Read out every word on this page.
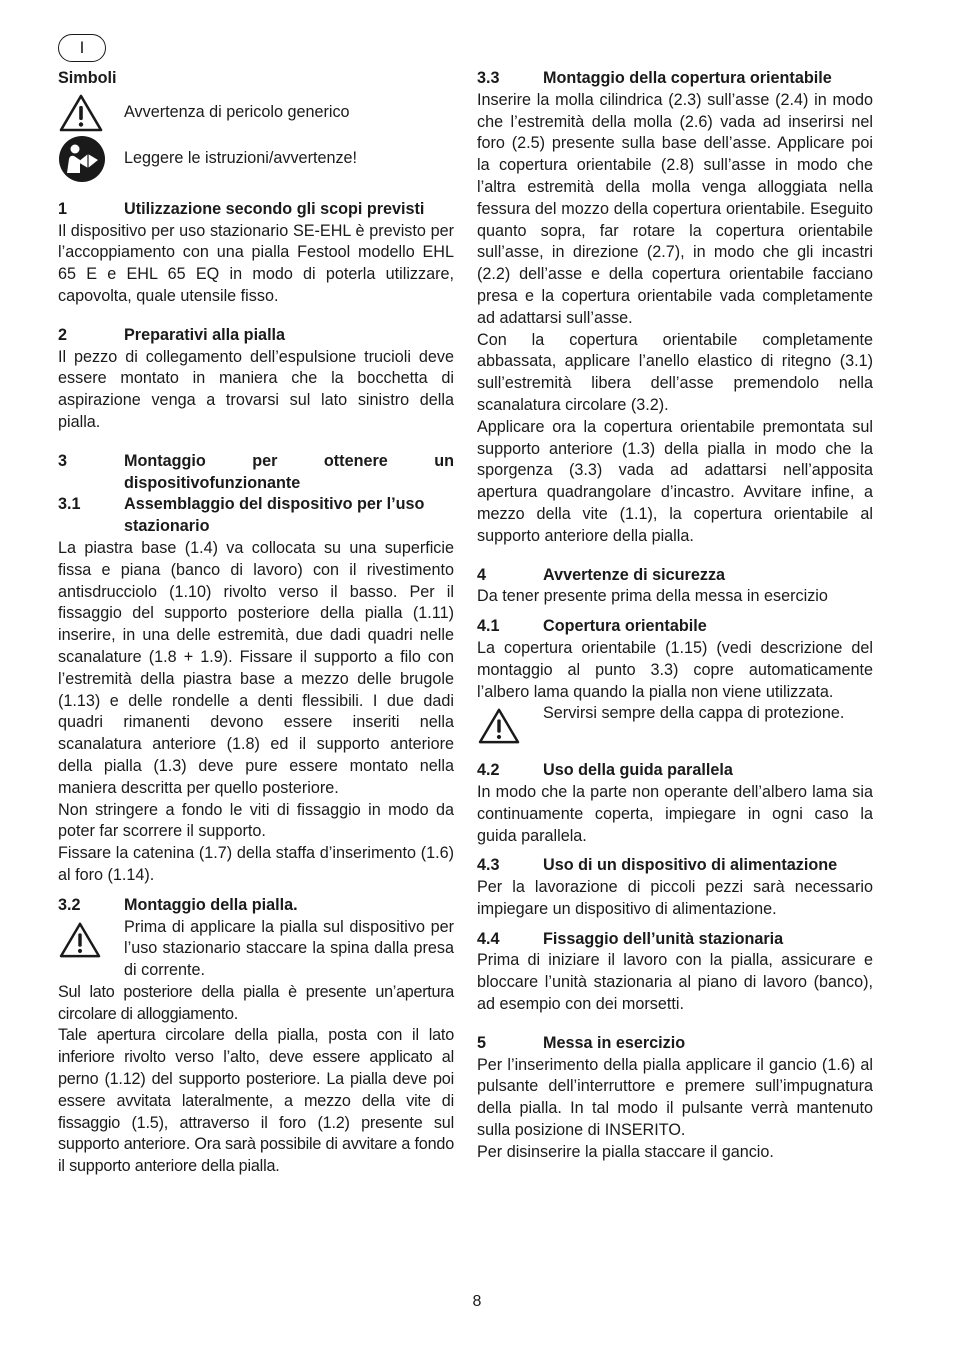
I
Simboli
Avvertenza di pericolo generico
Leggere le istruzioni/avvertenze!
1	Utilizzazione secondo gli scopi previsti

Il dispositivo per uso stazionario SE-EHL è previsto per l’accoppiamento con una pialla Festool modello EHL 65 E e EHL 65 EQ in modo di poterla utilizzare, capovolta, quale utensile fisso.

2	Preparativi alla pialla

Il pezzo di collegamento dell’espulsione trucioli deve essere montato in maniera che la bocchetta di aspirazione venga a trovarsi sul lato sinistro della pialla.

3	Montaggio per ottenere un dispositivofunzionante
3.1	Assemblaggio del dispositivo per l’uso stazionario

La piastra base (1.4) va collocata su una superficie fissa e piana (banco di lavoro) con il rivestimento antisdrucciolo (1.10) rivolto verso il basso. Per il fissaggio del supporto posteriore della pialla (1.11) inserire, in una delle estremità, due dadi quadri nelle scanalature (1.8 + 1.9). Fissare il supporto a filo con l’estremità della piastra base a mezzo delle brugole (1.13) e delle rondelle a denti flessibili. I due dadi quadri rimanenti devono essere inseriti nella scanalatura anteriore (1.8) ed il supporto anteriore della pialla (1.3) deve pure essere montato nella maniera descritta per quello posteriore.

Non stringere a fondo le viti di fissaggio in modo da poter far scorrere il supporto.

Fissare la catenina (1.7) della staffa d’inserimento (1.6) al foro (1.14).

3.2	Montaggio della pialla.

Prima di applicare la pialla sul dispositivo per l’uso stazionario staccare la spina dalla presa di corrente.

Sul lato posteriore della pialla è presente un’apertura circolare di alloggiamento.

Tale apertura circolare della pialla, posta con il lato inferiore rivolto verso l’alto, deve essere applicato al perno (1.12) del supporto posteriore. La pialla deve poi essere avvitata lateralmente, a mezzo della vite di fissaggio (1.5), attraverso il foro (1.2) presente sul supporto anteriore. Ora sarà possibile di avvitare a fondo il supporto anteriore della pialla.

3.3	Montaggio della copertura orientabile

Inserire la molla cilindrica (2.3) sull’asse (2.4) in modo che l’estremità della molla (2.6) vada ad inserirsi nel foro (2.5) presente sulla base dell’asse. Applicare poi la copertura orientabile (2.8) sull’asse in modo che l’altra estremità della molla venga alloggiata nella fessura del mozzo della copertura orientabile. Eseguito quanto sopra, far rotare la copertura orientabile sull’asse, in direzione (2.7), in modo che gli incastri (2.2) dell’asse e della copertura orientabile facciano presa e la copertura orientabile vada completamente ad adattarsi sull’asse.

Con la copertura orientabile completamente abbassata, applicare l’anello elastico di ritegno (3.1) sull’estremità libera dell’asse premendolo nella scanalatura circolare (3.2).

Applicare ora la copertura orientabile premontata sul supporto anteriore (1.3) della pialla in modo che la sporgenza (3.3) vada ad adattarsi nell’apposita apertura quadrangolare d’incastro. Avvitare infine, a mezzo della vite (1.1), la copertura orientabile al supporto anteriore della pialla.

4	Avvertenze di sicurezza

Da tener presente prima della messa in esercizio

4.1	Copertura orientabile

La copertura orientabile (1.15) (vedi descrizione del montaggio al punto 3.3) copre automaticamente l’albero lama quando la pialla non viene utilizzata.

Servirsi sempre della cappa di protezione.

4.2	Uso della guida parallela

In modo che la parte non operante dell’albero lama sia continuamente coperta, impiegare in ogni caso la guida parallela.

4.3	Uso di un dispositivo di alimentazione

Per la lavorazione di piccoli pezzi sarà necessario impiegare un dispositivo di alimentazione.

4.4	Fissaggio dell’unità stazionaria

Prima di iniziare il lavoro con la pialla, assicurare e bloccare l’unità stazionaria al piano di lavoro (banco), ad esempio con dei morsetti.

5	Messa in esercizio

Per l’inserimento della pialla applicare il gancio (1.6) al pulsante dell’interruttore e premere sull’impugnatura della pialla. In tal modo il pulsante verrà mantenuto sulla posizione di INSERITO.

Per disinserire la pialla staccare il gancio.

8
